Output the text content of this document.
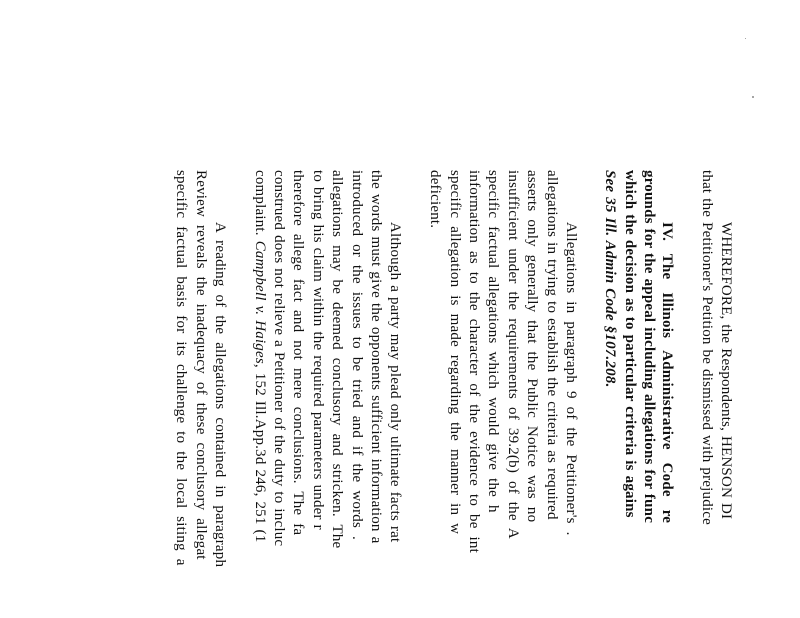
WHEREFORE, the Respondents, HENSON DI
that the Petitioner's Petition be dismissed with prejudice
IV. The Illinois Administrative Code re
grounds for the appeal including allegations for func
which the decision as to particular criteria is agains
See 35 Ill. Admin Code §107.208.
Allegations in paragraph 9 of the Petitioner's .
allegations in trying to establish the criteria as required
asserts only generally that the Public Notice was no
insufficient under the requirements of 39.2(b) of the A
specific factual allegations which would give the h
information as to the character of the evidence to be int
specific allegation is made regarding the manner in w
deficient.
Although a party may plead only ultimate facts rat
the words must give the opponents sufficient information a
introduced or the issues to be tried and if the words .
allegations may be deemed conclusory and stricken. The
to bring his claim within the required parameters under r
therefore allege fact and not mere conclusions. The fa
construed does not relieve a Petitioner of the duty to incluc
complaint. Campbell v. Haiges, 152 Ill.App.3d 246, 251 (1
A reading of the allegations contained in paragraph
Review reveals the inadequacy of these conclusory allegat
specific factual basis for its challenge to the local siting a
